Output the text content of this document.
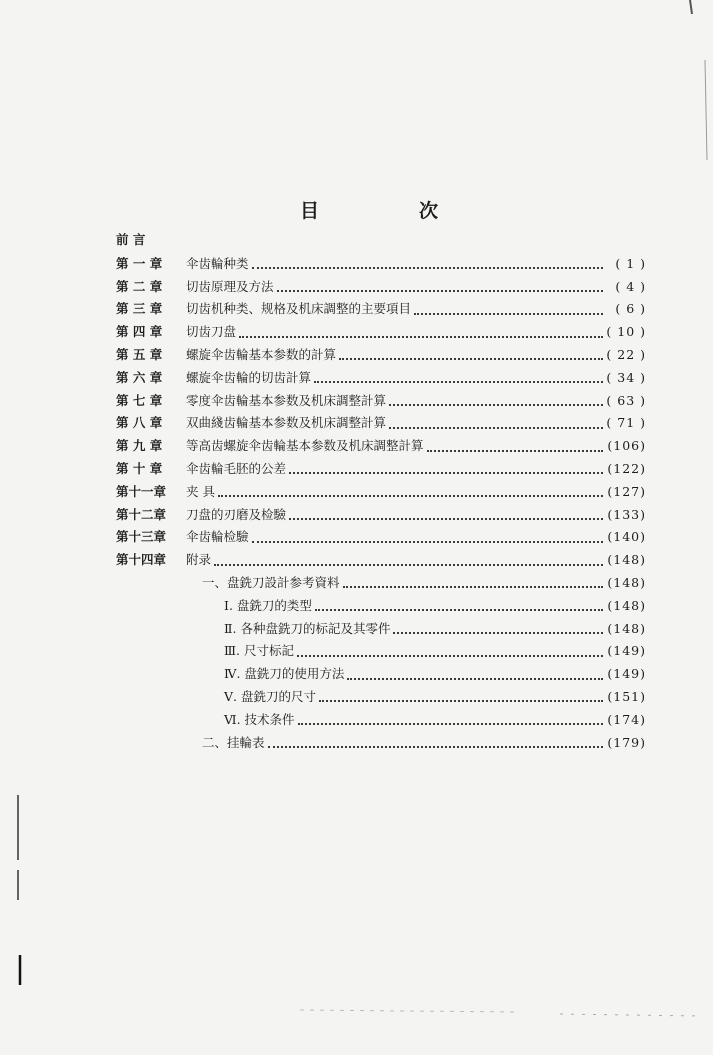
目	次
前 言
第 一 章	伞齿輪种类	( 1 )
第 二 章	切齿原理及方法	( 4 )
第 三 章	切齿机种类、规格及机床調整的主要項目	( 6 )
第 四 章	切齿刀盘	( 10 )
第 五 章	螺旋伞齿輪基本参数的計算	( 22 )
第 六 章	螺旋伞齿輪的切齿計算	( 34 )
第 七 章	零度伞齿輪基本参数及机床調整計算	( 63 )
第 八 章	双曲綫齿輪基本参数及机床調整計算	( 71 )
第 九 章	等高齿螺旋伞齿輪基本参数及机床調整計算	(106)
第 十 章	伞齿輪毛胚的公差	(122)
第十一章	夹 具	(127)
第十二章	刀盘的刃磨及检驗	(133)
第十三章	伞齿輪检驗	(140)
第十四章	附录	(148)
一、盘銑刀設計参考資料	(148)
Ⅰ. 盘銑刀的类型	(148)
Ⅱ. 各种盘銑刀的标記及其零件	(148)
Ⅲ. 尺寸标記	(149)
Ⅳ. 盘銑刀的使用方法	(149)
Ⅴ. 盘銑刀的尺寸	(151)
Ⅵ. 技术条件	(174)
二、挂輪表	(179)
